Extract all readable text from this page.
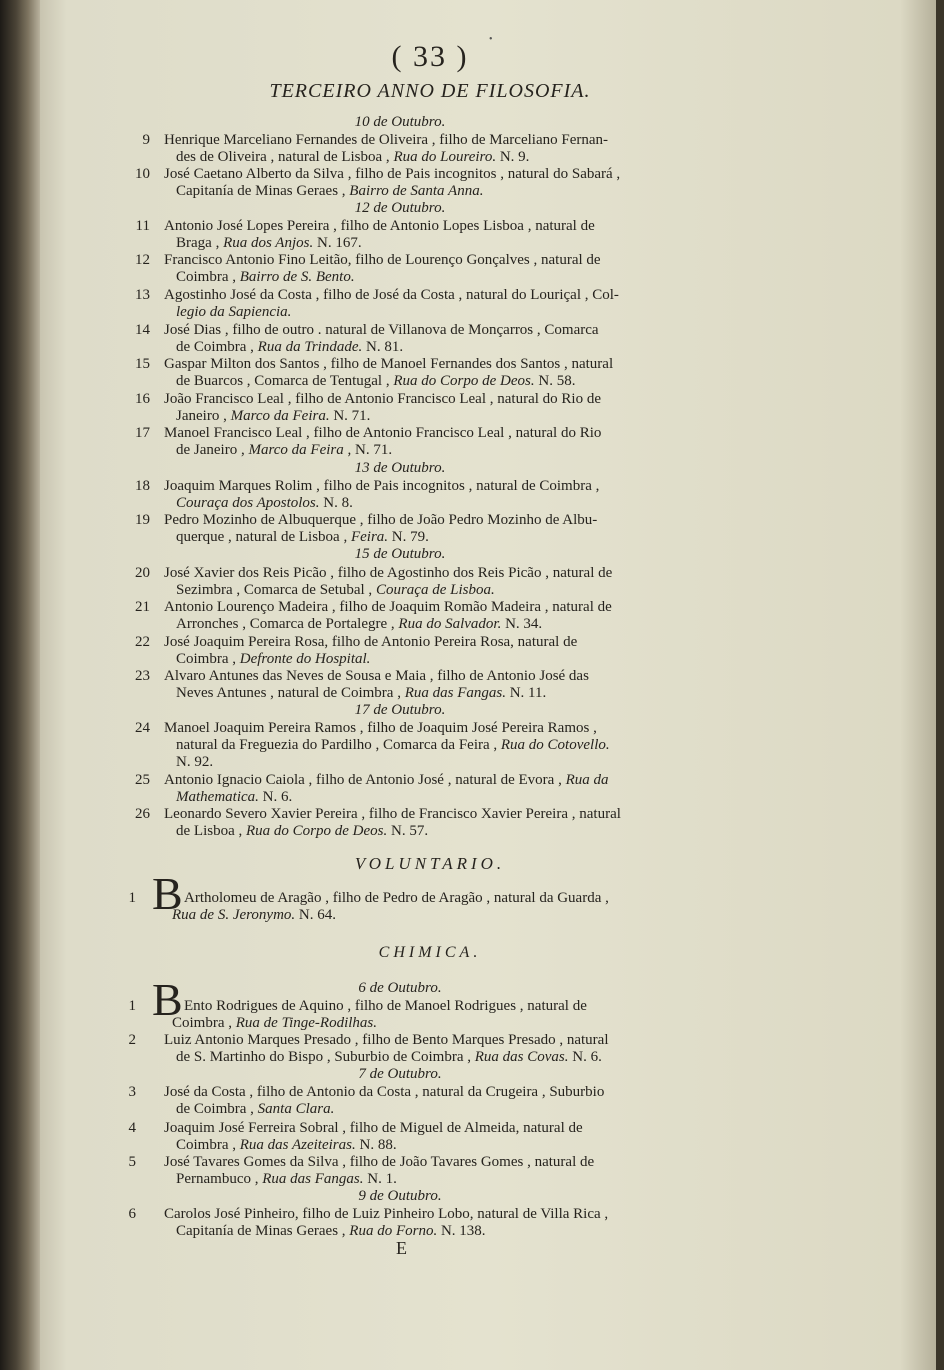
•
( 33 )
TERCEIRO ANNO DE FILOSOFIA.
10 de Outubro.
9 Henrique Marceliano Fernandes de Oliveira , filho de Marceliano Fernan-
des de Oliveira , natural de Lisboa , Rua do Loureiro. N. 9.
10 José Caetano Alberto da Silva , filho de Pais incognitos , natural do Sabará ,
Capitanía de Minas Geraes , Bairro de Santa Anna.
12 de Outubro.
11 Antonio José Lopes Pereira , filho de Antonio Lopes Lisboa , natural de
Braga , Rua dos Anjos. N. 167.
12 Francisco Antonio Fino Leitão, filho de Lourenço Gonçalves , natural de
Coimbra , Bairro de S. Bento.
13 Agostinho José da Costa , filho de José da Costa , natural do Louriçal , Col-
legio da Sapiencia.
14 José Dias , filho de outro . natural de Villanova de Monçarros , Comarca
de Coimbra , Rua da Trindade. N. 81.
15 Gaspar Milton dos Santos , filho de Manoel Fernandes dos Santos , natural
de Buarcos , Comarca de Tentugal , Rua do Corpo de Deos. N. 58.
16 João Francisco Leal , filho de Antonio Francisco Leal , natural do Rio de
Janeiro , Marco da Feira. N. 71.
17 Manoel Francisco Leal , filho de Antonio Francisco Leal , natural do Rio
de Janeiro , Marco da Feira , N. 71.
13 de Outubro.
18 Joaquim Marques Rolim , filho de Pais incognitos , natural de Coimbra ,
Couraça dos Apostolos. N. 8.
19 Pedro Mozinho de Albuquerque , filho de João Pedro Mozinho de Albu-
querque , natural de Lisboa , Feira. N. 79.
15 de Outubro.
20 José Xavier dos Reis Picão , filho de Agostinho dos Reis Picão , natural de
Sezimbra , Comarca de Setubal , Couraça de Lisboa.
21 Antonio Lourenço Madeira , filho de Joaquim Romão Madeira , natural de
Arronches , Comarca de Portalegre , Rua do Salvador. N. 34.
22 José Joaquim Pereira Rosa, filho de Antonio Pereira Rosa, natural de
Coimbra , Defronte do Hospital.
23 Alvaro Antunes das Neves de Sousa e Maia , filho de Antonio José das
Neves Antunes , natural de Coimbra , Rua das Fangas. N. 11.
17 de Outubro.
24 Manoel Joaquim Pereira Ramos , filho de Joaquim José Pereira Ramos ,
natural da Freguezia do Pardilho , Comarca da Feira , Rua do Cotovello.
N. 92.
25 Antonio Ignacio Caiola , filho de Antonio José , natural de Evora , Rua da
Mathematica. N. 6.
26 Leonardo Severo Xavier Pereira , filho de Francisco Xavier Pereira , natural
de Lisboa , Rua do Corpo de Deos. N. 57.
VOLUNTARIO.
1 B Artholomeu de Aragão , filho de Pedro de Aragão , natural da Guarda ,
Rua de S. Jeronymo. N. 64.
CHIMICA.
6 de Outubro.
1 B Ento Rodrigues de Aquino , filho de Manoel Rodrigues , natural de
Coimbra , Rua de Tinge-Rodilhas.
2 Luiz Antonio Marques Presado , filho de Bento Marques Presado , natural
de S. Martinho do Bispo , Suburbio de Coimbra , Rua das Covas. N. 6.
7 de Outubro.
3 José da Costa , filho de Antonio da Costa , natural da Crugeira , Suburbio
de Coimbra , Santa Clara.
4 Joaquim José Ferreira Sobral , filho de Miguel de Almeida, natural de
Coimbra , Rua das Azeiteiras. N. 88.
5 José Tavares Gomes da Silva , filho de João Tavares Gomes , natural de
Pernambuco , Rua das Fangas. N. 1.
9 de Outubro.
6 Carolos José Pinheiro, filho de Luiz Pinheiro Lobo, natural de Villa Rica ,
Capitanía de Minas Geraes , Rua do Forno. N. 138.
E
